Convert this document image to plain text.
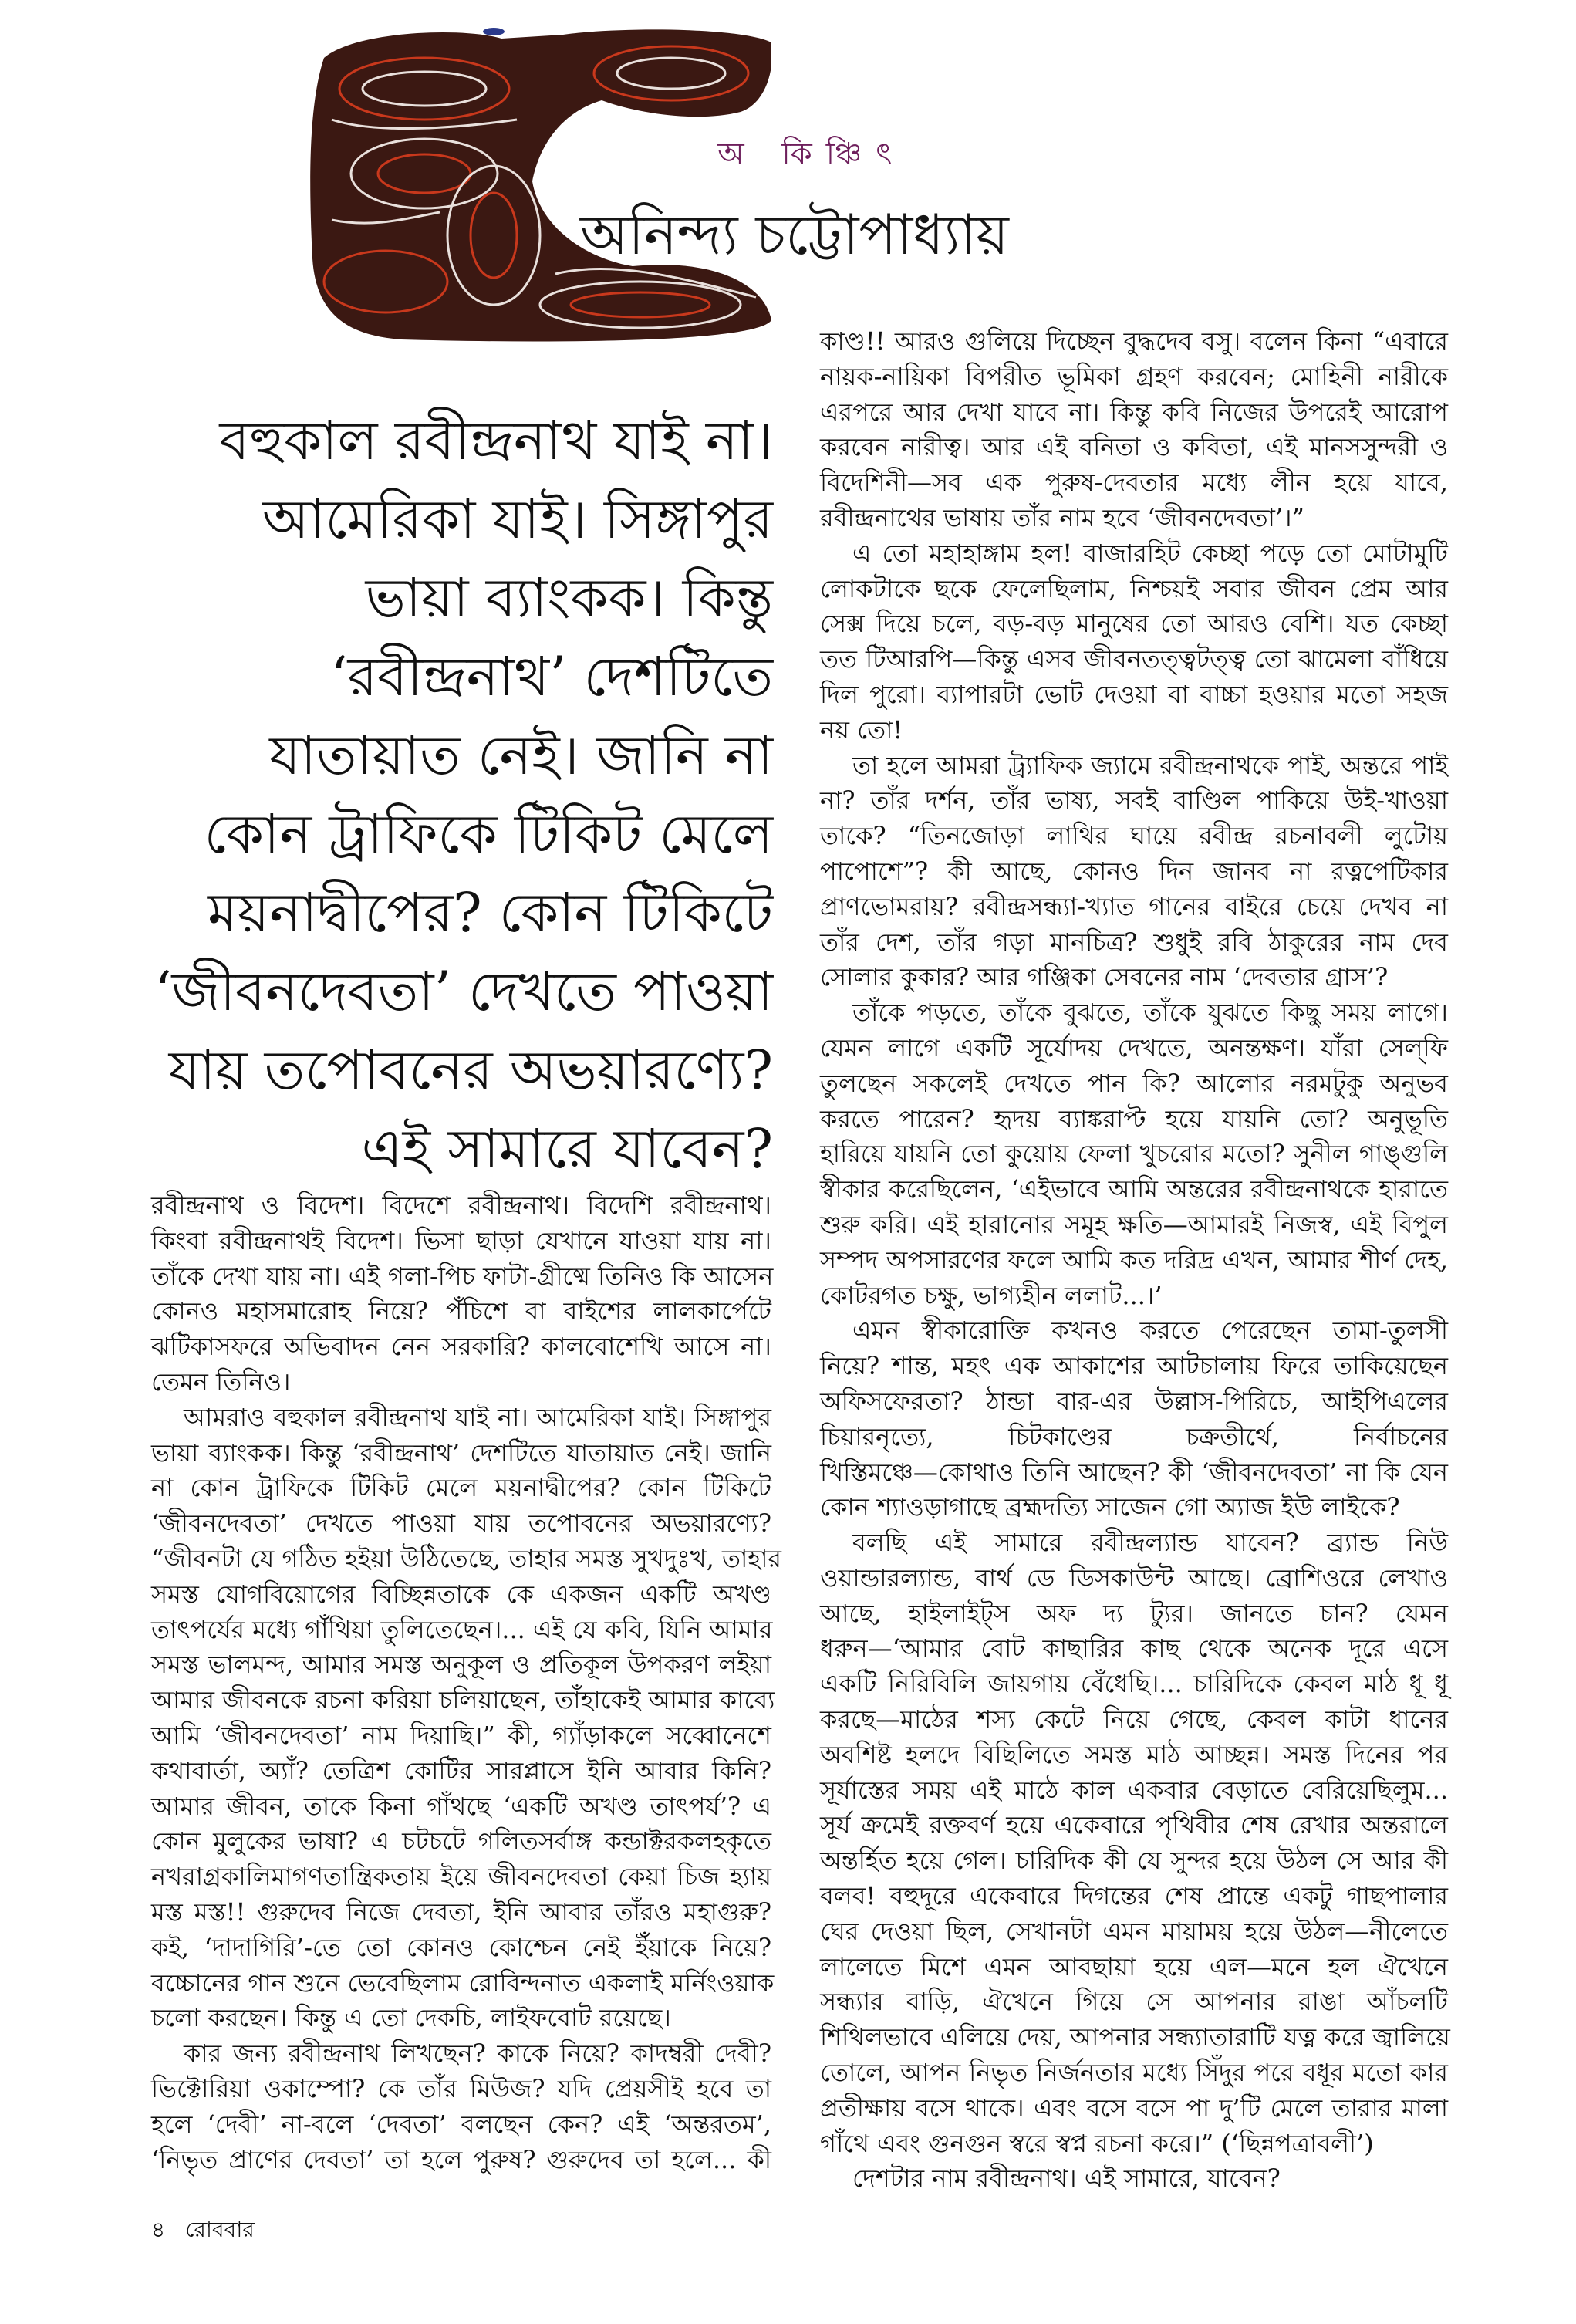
অ কিঞ্চিৎ
অনিন্দ্য চট্টোপাধ্যায়
বহুকাল রবীন্দ্রনাথ যাই না।
আমেরিকা যাই। সিঙ্গাপুর
ভায়া ব্যাংকক। কিন্তু
‘রবীন্দ্রনাথ’ দেশটিতে
যাতায়াত নেই। জানি না
কোন ট্রাফিকে টিকিট মেলে
ময়নাদ্বীপের? কোন টিকিটে
‘জীবনদেবতা’ দেখতে পাওয়া
যায় তপোবনের অভয়ারণ্যে?
এই সামারে যাবেন?
রবীন্দ্রনাথ ও বিদেশ। বিদেশে রবীন্দ্রনাথ। বিদেশি রবীন্দ্রনাথ।
কিংবা রবীন্দ্রনাথই বিদেশ। ভিসা ছাড়া যেখানে যাওয়া যায় না।
তাঁকে দেখা যায় না। এই গলা-পিচ ফাটা-গ্রীষ্মে তিনিও কি আসেন
কোনও মহাসমারোহ নিয়ে? পঁচিশে বা বাইশের লালকার্পেটে
ঝটিকাসফরে অভিবাদন নেন সরকারি? কালবোশেখি আসে না।
তেমন তিনিও।
আমরাও বহুকাল রবীন্দ্রনাথ যাই না। আমেরিকা যাই। সিঙ্গাপুর
ভায়া ব্যাংকক। কিন্তু ‘রবীন্দ্রনাথ’ দেশটিতে যাতায়াত নেই। জানি
না কোন ট্রাফিকে টিকিট মেলে ময়নাদ্বীপের? কোন টিকিটে
‘জীবনদেবতা’ দেখতে পাওয়া যায় তপোবনের অভয়ারণ্যে?
“জীবনটা যে গঠিত হইয়া উঠিতেছে, তাহার সমস্ত সুখদুঃখ, তাহার
সমস্ত যোগবিয়োগের বিচ্ছিন্নতাকে কে একজন একটি অখণ্ড
তাৎপর্যের মধ্যে গাঁথিয়া তুলিতেছেন।... এই যে কবি, যিনি আমার
সমস্ত ভালমন্দ, আমার সমস্ত অনুকূল ও প্রতিকূল উপকরণ লইয়া
আমার জীবনকে রচনা করিয়া চলিয়াছেন, তাঁহাকেই আমার কাব্যে
আমি ‘জীবনদেবতা’ নাম দিয়াছি।” কী, গ্যাঁড়াকলে সব্বোনেশে
কথাবার্তা, অ্যাঁ? তেত্রিশ কোটির সারপ্লাসে ইনি আবার কিনি?
আমার জীবন, তাকে কিনা গাঁথছে ‘একটি অখণ্ড তাৎপর্য’? এ
কোন মুলুকের ভাষা? এ চটচটে গলিতসর্বাঙ্গ কন্ডাক্টরকলহকৃতে
নখরাগ্রকালিমাগণতান্ত্রিকতায় ইয়ে জীবনদেবতা কেয়া চিজ হ্যায়
মস্ত মস্ত!! গুরুদেব নিজে দেবতা, ইনি আবার তাঁরও মহাগুরু?
কই, ‘দাদাগিরি’-তে তো কোনও কোশ্চেন নেই ইঁয়াকে নিয়ে?
বচ্চোনের গান শুনে ভেবেছিলাম রোবিন্দনাত একলাই মর্নিংওয়াক
চলো করছেন। কিন্তু এ তো দেকচি, লাইফবোট রয়েছে।
কার জন্য রবীন্দ্রনাথ লিখছেন? কাকে নিয়ে? কাদম্বরী দেবী?
ভিক্টোরিয়া ওকাম্পো? কে তাঁর মিউজ? যদি প্রেয়সীই হবে তা
হলে ‘দেবী’ না-বলে ‘দেবতা’ বলছেন কেন? এই ‘অন্তরতম’,
‘নিভৃত প্রাণের দেবতা’ তা হলে পুরুষ? গুরুদেব তা হলে... কী
কাণ্ড!! আরও গুলিয়ে দিচ্ছেন বুদ্ধদেব বসু। বলেন কিনা “এবারে
নায়ক-নায়িকা বিপরীত ভূমিকা গ্রহণ করবেন; মোহিনী নারীকে
এরপরে আর দেখা যাবে না। কিন্তু কবি নিজের উপরেই আরোপ
করবেন নারীত্ব। আর এই বনিতা ও কবিতা, এই মানসসুন্দরী ও
বিদেশিনী—সব এক পুরুষ-দেবতার মধ্যে লীন হয়ে যাবে,
রবীন্দ্রনাথের ভাষায় তাঁর নাম হবে ‘জীবনদেবতা’।”
এ তো মহাহাঙ্গাম হল! বাজারহিট কেচ্ছা পড়ে তো মোটামুটি
লোকটাকে ছকে ফেলেছিলাম, নিশ্চয়ই সবার জীবন প্রেম আর
সেক্স দিয়ে চলে, বড়-বড় মানুষের তো আরও বেশি। যত কেচ্ছা
তত টিআরপি—কিন্তু এসব জীবনতত্ত্বটত্ত্ব তো ঝামেলা বাঁধিয়ে
দিল পুরো। ব্যাপারটা ভোট দেওয়া বা বাচ্চা হওয়ার মতো সহজ
নয় তো!
তা হলে আমরা ট্র্যাফিক জ্যামে রবীন্দ্রনাথকে পাই, অন্তরে পাই
না? তাঁর দর্শন, তাঁর ভাষ্য, সবই বাণ্ডিল পাকিয়ে উই-খাওয়া
তাকে? “তিনজোড়া লাথির ঘায়ে রবীন্দ্র রচনাবলী লুটোয়
পাপোশে”? কী আছে, কোনও দিন জানব না রত্নপেটিকার
প্রাণভোমরায়? রবীন্দ্রসন্ধ্যা-খ্যাত গানের বাইরে চেয়ে দেখব না
তাঁর দেশ, তাঁর গড়া মানচিত্র? শুধুই রবি ঠাকুরের নাম দেব
সোলার কুকার? আর গঞ্জিকা সেবনের নাম ‘দেবতার গ্রাস’?
তাঁকে পড়তে, তাঁকে বুঝতে, তাঁকে যুঝতে কিছু সময় লাগে।
যেমন লাগে একটি সূর্যোদয় দেখতে, অনন্তক্ষণ। যাঁরা সেল্‌ফি
তুলছেন সকলেই দেখতে পান কি? আলোর নরমটুকু অনুভব
করতে পারেন? হৃদয় ব্যাঙ্করাপ্ট হয়ে যায়নি তো? অনুভূতি
হারিয়ে যায়নি তো কুয়োয় ফেলা খুচরোর মতো? সুনীল গাঙ্গুলি
স্বীকার করেছিলেন, ‘এইভাবে আমি অন্তরের রবীন্দ্রনাথকে হারাতে
শুরু করি। এই হারানোর সমূহ ক্ষতি—আমারই নিজস্ব, এই বিপুল
সম্পদ অপসারণের ফলে আমি কত দরিদ্র এখন, আমার শীর্ণ দেহ,
কোটরগত চক্ষু, ভাগ্যহীন ললাট...।’
এমন স্বীকারোক্তি কখনও করতে পেরেছেন তামা-তুলসী
নিয়ে? শান্ত, মহৎ এক আকাশের আটচালায় ফিরে তাকিয়েছেন
অফিসফেরতা? ঠান্ডা বার-এর উল্লাস-পিরিচে, আইপিএলের
চিয়ারনৃত্যে, চিটকাণ্ডের চক্রতীর্থে, নির্বাচনের
খিস্তিমঞ্চে—কোথাও তিনি আছেন? কী ‘জীবনদেবতা’ না কি যেন
কোন শ্যাওড়াগাছে ব্রহ্মদত্যি সাজেন গো অ্যাজ ইউ লাইকে?
বলছি এই সামারে রবীন্দ্রল্যান্ড যাবেন? ব্র্যান্ড নিউ
ওয়ান্ডারল্যান্ড, বার্থ ডে ডিসকাউন্ট আছে। ব্রোশিওরে লেখাও
আছে, হাইলাইট্‌স অফ দ্য ট্যুর। জানতে চান? যেমন
ধরুন—‘আমার বোট কাছারির কাছ থেকে অনেক দূরে এসে
একটি নিরিবিলি জায়গায় বেঁধেছি।... চারিদিকে কেবল মাঠ ধূ ধূ
করছে—মাঠের শস্য কেটে নিয়ে গেছে, কেবল কাটা ধানের
অবশিষ্ট হলদে বিছিলিতে সমস্ত মাঠ আচ্ছন্ন। সমস্ত দিনের পর
সূর্যাস্তের সময় এই মাঠে কাল একবার বেড়াতে বেরিয়েছিলুম...
সূর্য ক্রমেই রক্তবর্ণ হয়ে একেবারে পৃথিবীর শেষ রেখার অন্তরালে
অন্তর্হিত হয়ে গেল। চারিদিক কী যে সুন্দর হয়ে উঠল সে আর কী
বলব! বহুদূরে একেবারে দিগন্তের শেষ প্রান্তে একটু গাছপালার
ঘের দেওয়া ছিল, সেখানটা এমন মায়াময় হয়ে উঠল—নীলেতে
লালেতে মিশে এমন আবছায়া হয়ে এল—মনে হল ঐখেনে
সন্ধ্যার বাড়ি, ঐখেনে গিয়ে সে আপনার রাঙা আঁচলটি
শিথিলভাবে এলিয়ে দেয়, আপনার সন্ধ্যাতারাটি যত্ন করে জ্বালিয়ে
তোলে, আপন নিভৃত নির্জনতার মধ্যে সিঁদুর পরে বধূর মতো কার
প্রতীক্ষায় বসে থাকে। এবং বসে বসে পা দু’টি মেলে তারার মালা
গাঁথে এবং গুনগুন স্বরে স্বপ্ন রচনা করে।” (‘ছিন্নপত্রাবলী’)
দেশটার নাম রবীন্দ্রনাথ। এই সামারে, যাবেন?
৪ রোববার
